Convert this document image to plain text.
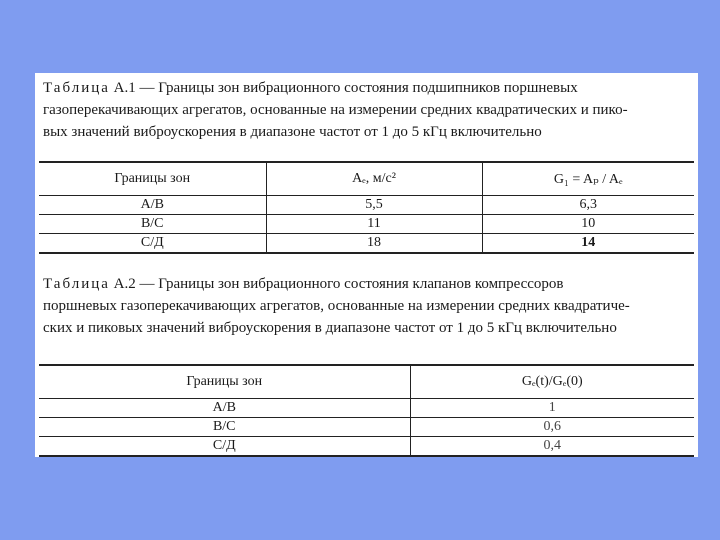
Таблица А.1 — Границы зон вибрационного состояния подшипников поршневых
газоперекачивающих агрегатов, основанные на измерении средних квадратических и пико-
вых значений виброускорения в диапазоне частот от 1 до 5 кГц включительно
Границы зон	Aₑ, м/с²	G₁ = Aₚ / Aₑ
А/В	5,5	6,3
В/С	11	10
С/Д	18	14
Таблица А.2 — Границы зон вибрационного состояния клапанов компрессоров
поршневых газоперекачивающих агрегатов, основанные на измерении средних квадратиче-
ских и пиковых значений виброускорения в диапазоне частот от 1 до 5 кГц включительно
Границы зон	Gₑ(t)/Gₑ(0)
А/В	1
В/С	0,6
С/Д	0,4
